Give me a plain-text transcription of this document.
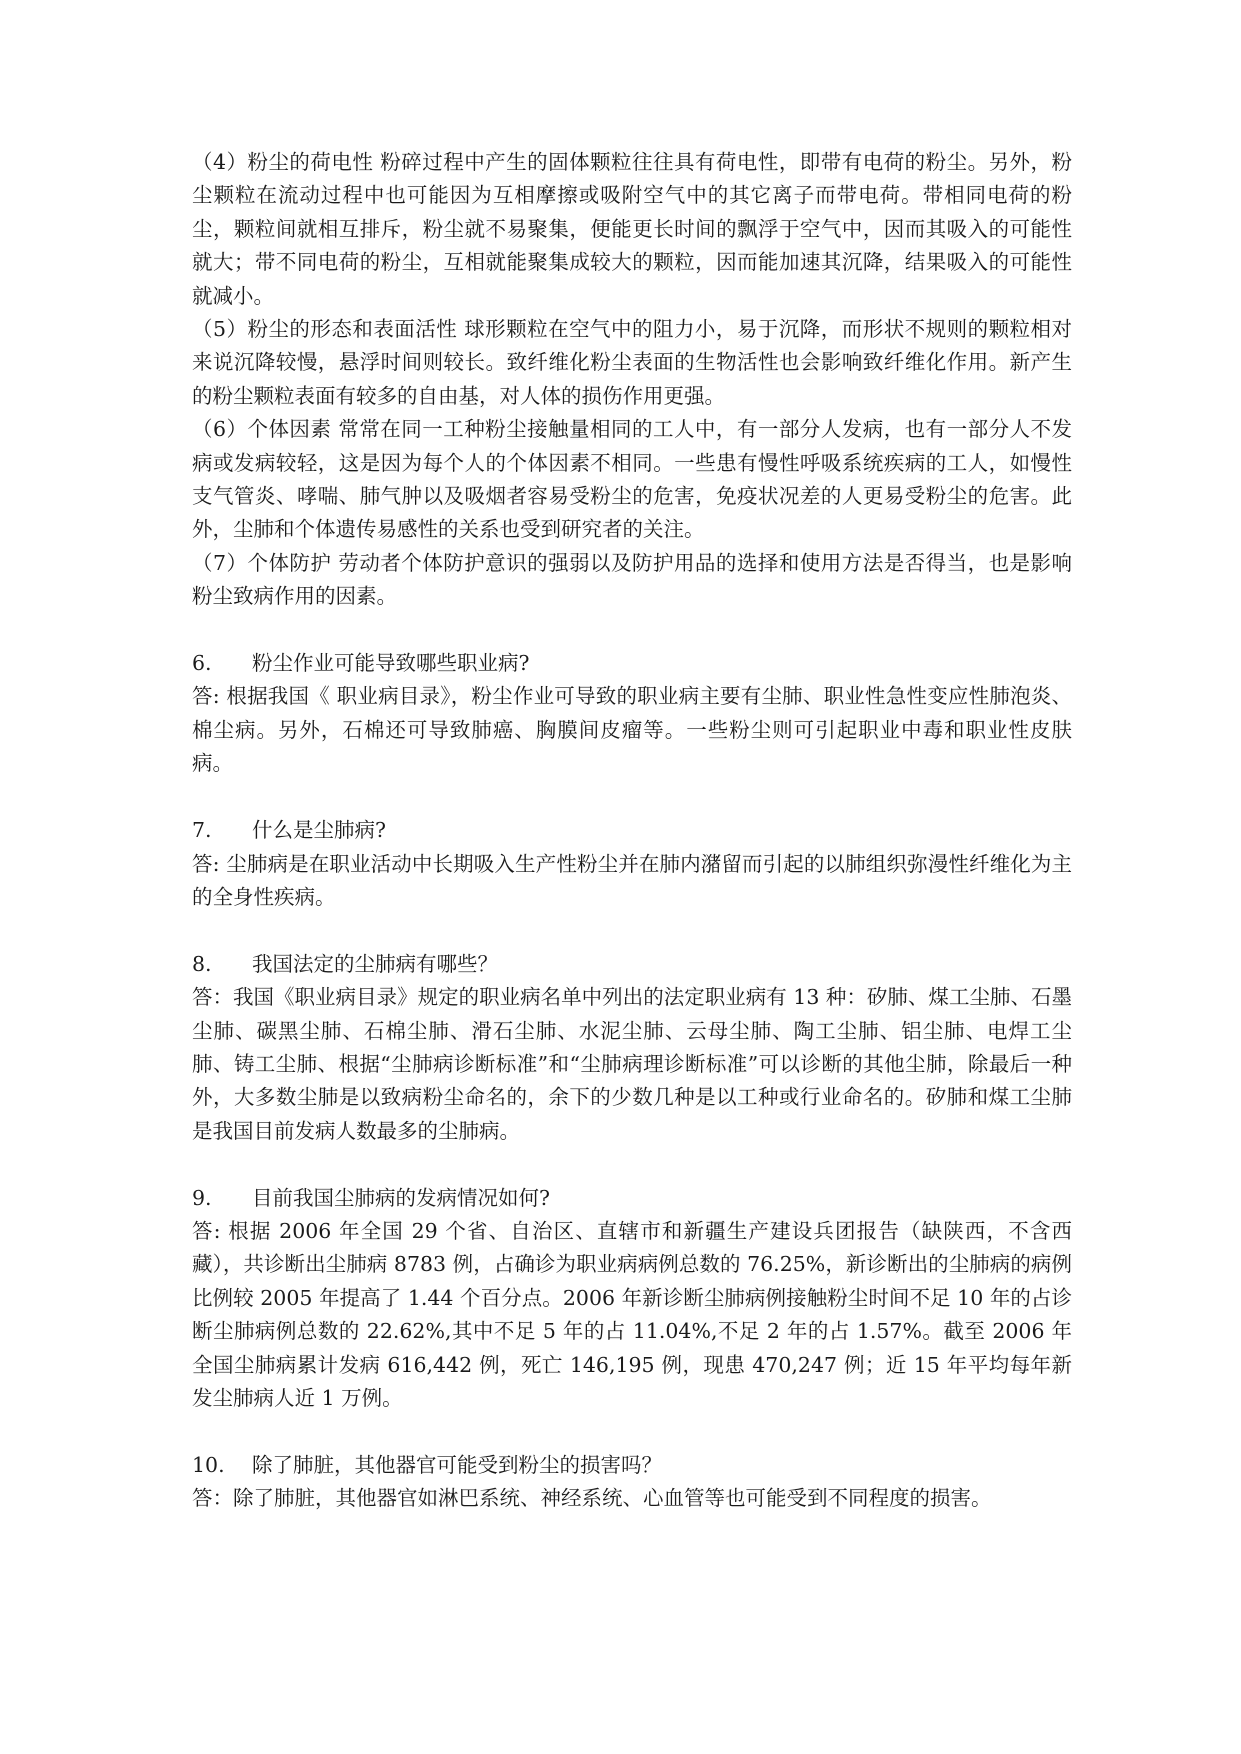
（4）粉尘的荷电性 粉碎过程中产生的固体颗粒往往具有荷电性，即带有电荷的粉尘。另外，粉尘颗粒在流动过程中也可能因为互相摩擦或吸附空气中的其它离子而带电荷。带相同电荷的粉尘，颗粒间就相互排斥，粉尘就不易聚集，便能更长时间的飘浮于空气中，因而其吸入的可能性就大；带不同电荷的粉尘，互相就能聚集成较大的颗粒，因而能加速其沉降，结果吸入的可能性就减小。

（5）粉尘的形态和表面活性 球形颗粒在空气中的阻力小，易于沉降，而形状不规则的颗粒相对来说沉降较慢，悬浮时间则较长。致纤维化粉尘表面的生物活性也会影响致纤维化作用。新产生的粉尘颗粒表面有较多的自由基，对人体的损伤作用更强。

（6）个体因素 常常在同一工种粉尘接触量相同的工人中，有一部分人发病，也有一部分人不发病或发病较轻，这是因为每个人的个体因素不相同。一些患有慢性呼吸系统疾病的工人，如慢性支气管炎、哮喘、肺气肿以及吸烟者容易受粉尘的危害，免疫状况差的人更易受粉尘的危害。此外，尘肺和个体遗传易感性的关系也受到研究者的关注。

（7）个体防护 劳动者个体防护意识的强弱以及防护用品的选择和使用方法是否得当，也是影响粉尘致病作用的因素。

6.	粉尘作业可能导致哪些职业病?

答: 根据我国《 职业病目录》，粉尘作业可导致的职业病主要有尘肺、职业性急性变应性肺泡炎、棉尘病。另外，石棉还可导致肺癌、胸膜间皮瘤等。一些粉尘则可引起职业中毒和职业性皮肤病。

7.	什么是尘肺病?

答: 尘肺病是在职业活动中长期吸入生产性粉尘并在肺内潴留而引起的以肺组织弥漫性纤维化为主的全身性疾病。

8.	我国法定的尘肺病有哪些？

答：我国《职业病目录》规定的职业病名单中列出的法定职业病有 13 种：矽肺、煤工尘肺、石墨尘肺、碳黑尘肺、石棉尘肺、滑石尘肺、水泥尘肺、云母尘肺、陶工尘肺、铝尘肺、电焊工尘肺、铸工尘肺、根据“尘肺病诊断标准”和“尘肺病理诊断标准”可以诊断的其他尘肺，除最后一种外，大多数尘肺是以致病粉尘命名的，余下的少数几种是以工种或行业命名的。矽肺和煤工尘肺是我国目前发病人数最多的尘肺病。

9.	目前我国尘肺病的发病情况如何?

答: 根据 2006 年全国 29 个省、自治区、直辖市和新疆生产建设兵团报告（缺陕西，不含西藏），共诊断出尘肺病 8783 例，占确诊为职业病病例总数的 76.25%，新诊断出的尘肺病的病例比例较 2005 年提高了 1.44 个百分点。2006 年新诊断尘肺病例接触粉尘时间不足 10 年的占诊断尘肺病例总数的 22.62%,其中不足 5 年的占 11.04%,不足 2 年的占 1.57%。截至 2006 年全国尘肺病累计发病 616,442 例，死亡 146,195 例，现患 470,247 例；近 15 年平均每年新发尘肺病人近 1 万例。

10.	除了肺脏，其他器官可能受到粉尘的损害吗？

答：除了肺脏，其他器官如淋巴系统、神经系统、心血管等也可能受到不同程度的损害。
